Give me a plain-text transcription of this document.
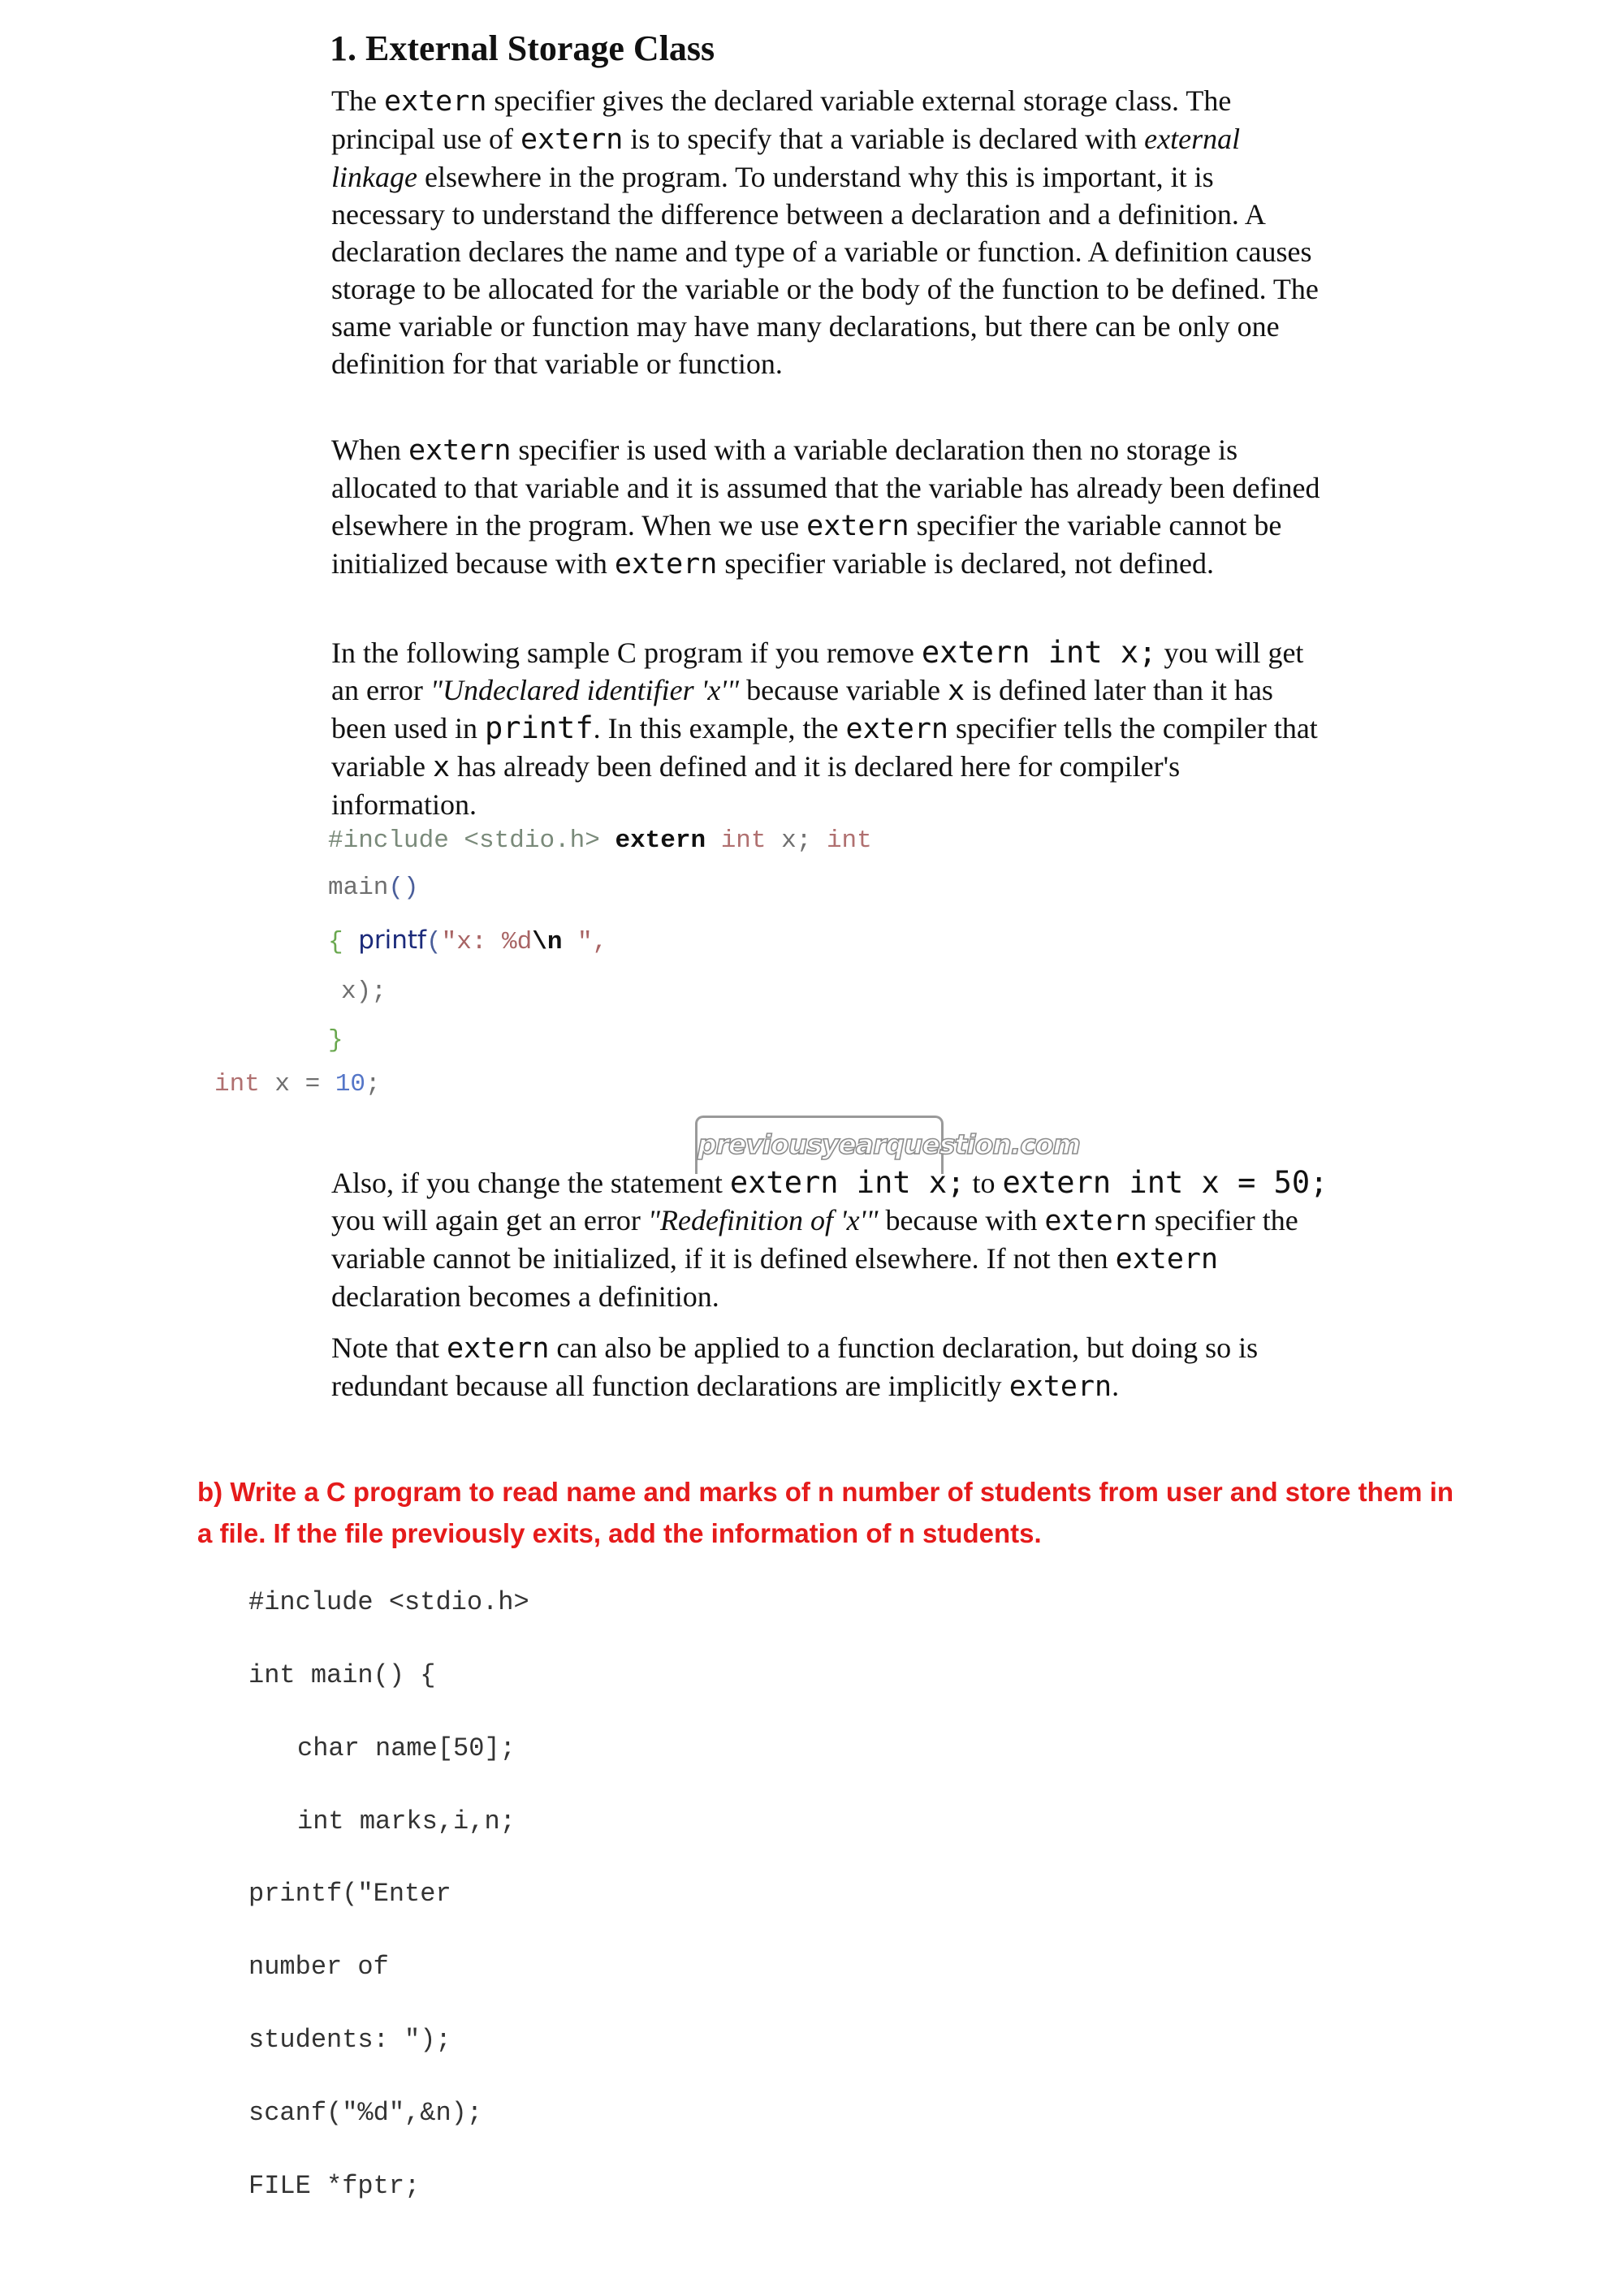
1. External Storage Class

The extern specifier gives the declared variable external storage class. The principal use of extern is to specify that a variable is declared with external linkage elsewhere in the program. To understand why this is important, it is necessary to understand the difference between a declaration and a definition. A declaration declares the name and type of a variable or function. A definition causes storage to be allocated for the variable or the body of the function to be defined. The same variable or function may have many declarations, but there can be only one definition for that variable or function.

When extern specifier is used with a variable declaration then no storage is allocated to that variable and it is assumed that the variable has already been defined elsewhere in the program. When we use extern specifier the variable cannot be initialized because with extern specifier variable is declared, not defined.

In the following sample C program if you remove extern int x; you will get an error "Undeclared identifier 'x'" because variable x is defined later than it has been used in printf. In this example, the extern specifier tells the compiler that variable x has already been defined and it is declared here for compiler's information.

#include <stdio.h> extern int x; int
main()
{ printf("x: %d\n ",
x);
}
int x = 10;
previousyearquestion.com

Also, if you change the statement extern int x; to extern int x = 50; you will again get an error "Redefinition of 'x'" because with extern specifier the variable cannot be initialized, if it is defined elsewhere. If not then extern declaration becomes a definition.

Note that extern can also be applied to a function declaration, but doing so is redundant because all function declarations are implicitly extern.

b) Write a C program to read name and marks of n number of students from user and store them in a file. If the file previously exits, add the information of n students.

#include <stdio.h>
int main() {
char name[50];
int marks,i,n;
printf("Enter
number of
students: ");
scanf("%d",&n);
FILE *fptr;
